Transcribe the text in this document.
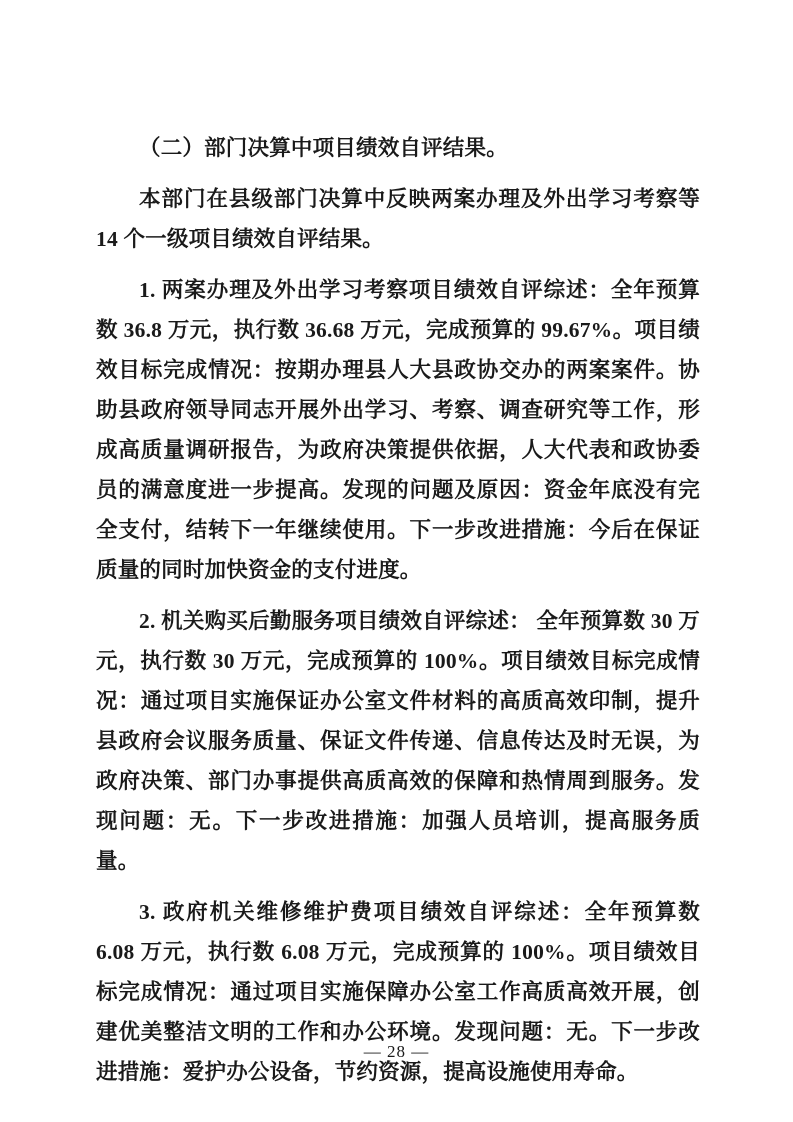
（二）部门决算中项目绩效自评结果。

本部门在县级部门决算中反映两案办理及外出学习考察等 14 个一级项目绩效自评结果。

1. 两案办理及外出学习考察项目绩效自评综述：全年预算数 36.8 万元，执行数 36.68 万元，完成预算的 99.67%。项目绩效目标完成情况：按期办理县人大县政协交办的两案案件。协助县政府领导同志开展外出学习、考察、调查研究等工作，形成高质量调研报告，为政府决策提供依据，人大代表和政协委员的满意度进一步提高。发现的问题及原因：资金年底没有完全支付，结转下一年继续使用。下一步改进措施：今后在保证质量的同时加快资金的支付进度。

2. 机关购买后勤服务项目绩效自评综述： 全年预算数 30 万元，执行数 30 万元，完成预算的 100%。项目绩效目标完成情况：通过项目实施保证办公室文件材料的高质高效印制，提升县政府会议服务质量、保证文件传递、信息传达及时无误，为政府决策、部门办事提供高质高效的保障和热情周到服务。发现问题：无。下一步改进措施：加强人员培训，提高服务质量。

3. 政府机关维修维护费项目绩效自评综述：全年预算数 6.08 万元，执行数 6.08 万元，完成预算的 100%。项目绩效目标完成情况：通过项目实施保障办公室工作高质高效开展，创建优美整洁文明的工作和办公环境。发现问题：无。下一步改进措施：爱护办公设备，节约资源，提高设施使用寿命。

— 28 —
